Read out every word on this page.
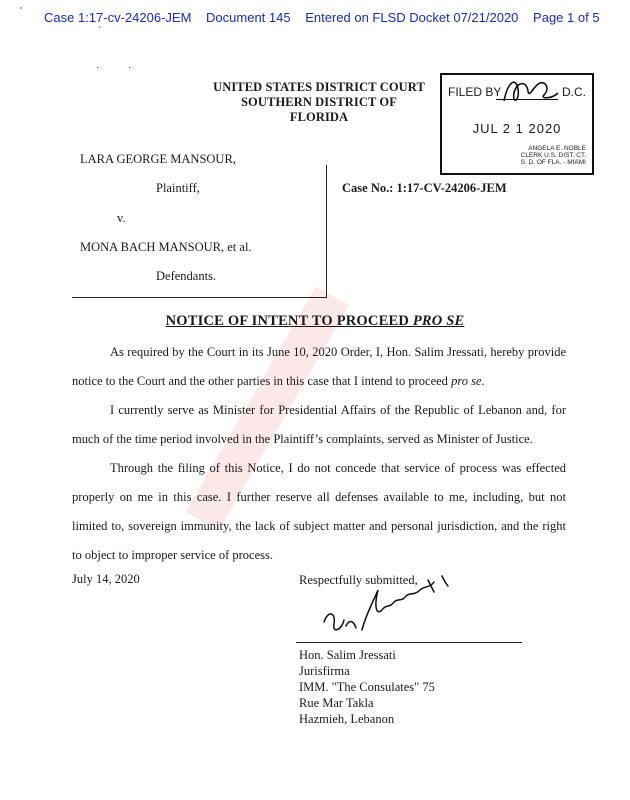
Case 1:17-cv-24206-JEM Document 145 Entered on FLSD Docket 07/21/2020 Page 1 of 5
'
`
·	·
UNITED STATES DISTRICT COURT
SOUTHERN DISTRICT OF FLORIDA
FILED BY	D.C.
JUL 2 1 2020
ANGELA E. NOBLE
CLERK U.S. DIST. CT.
S. D. OF FLA. - MIAMI
LARA GEORGE MANSOUR,
Plaintiff,
v.
MONA BACH MANSOUR, et al.
Defendants.
Case No.: 1:17-CV-24206-JEM
NOTICE OF INTENT TO PROCEED PRO SE
As required by the Court in its June 10, 2020 Order, I, Hon. Salim Jressati, hereby provide notice to the Court and the other parties in this case that I intend to proceed pro se.
I currently serve as Minister for Presidential Affairs of the Republic of Lebanon and, for much of the time period involved in the Plaintiff’s complaints, served as Minister of Justice.
Through the filing of this Notice, I do not concede that service of process was effected properly on me in this case. I further reserve all defenses available to me, including, but not limited to, sovereign immunity, the lack of subject matter and personal jurisdiction, and the right to object to improper service of process.
July 14, 2020	Respectfully submitted,
Hon. Salim Jressati
Jurisfirma
IMM. "The Consulates" 75
Rue Mar Takla
Hazmieh, Lebanon
